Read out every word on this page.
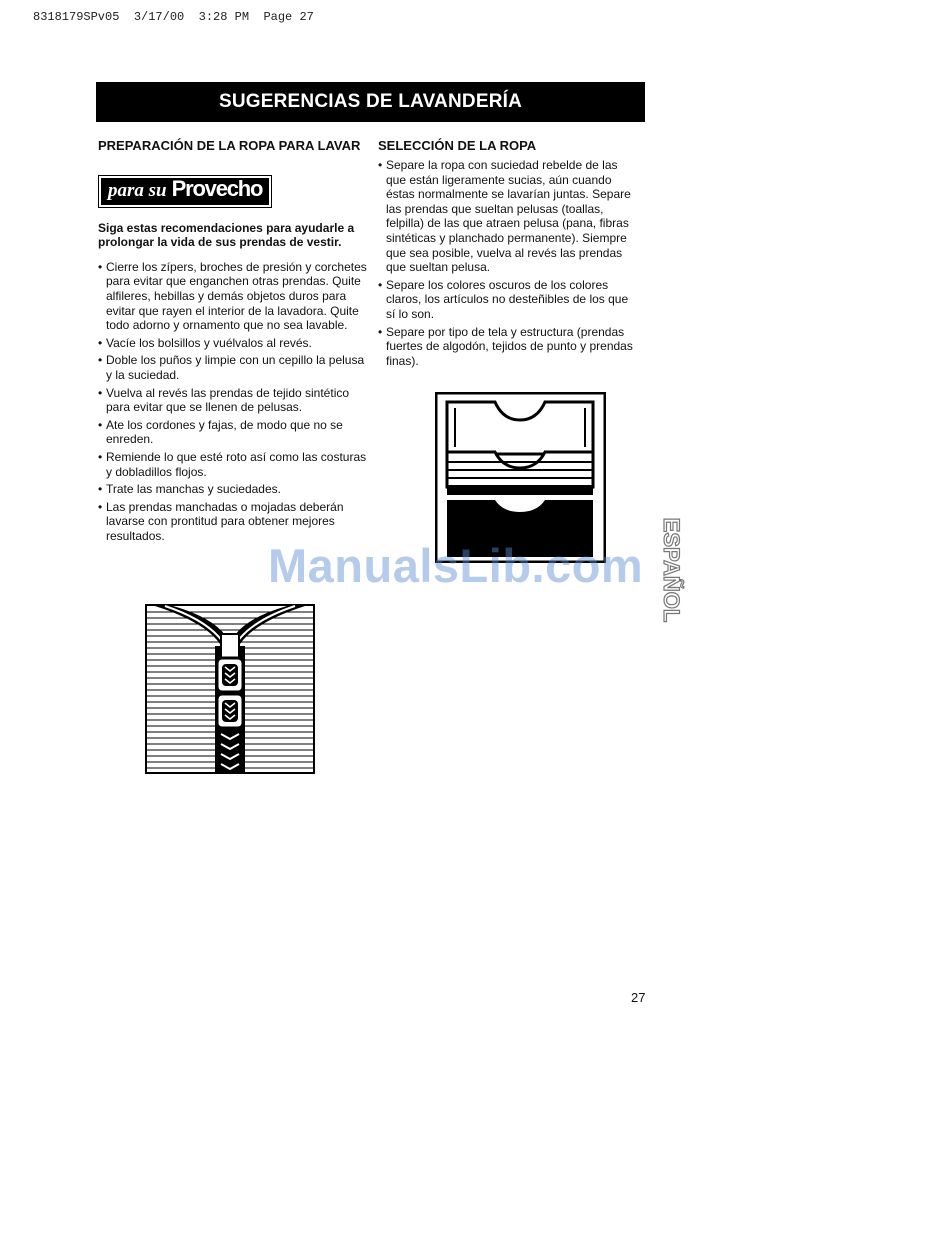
8318179SPv05  3/17/00  3:28 PM  Page 27
SUGERENCIAS DE LAVANDERÍA

PREPARACIÓN DE LA ROPA PARA LAVAR

para su Provecho
Siga estas recomendaciones para ayudarle a prolongar la vida de sus prendas de vestir.
• Cierre los zípers, broches de presión y corchetes para evitar que enganchen otras prendas. Quite alfileres, hebillas y demás objetos duros para evitar que rayen el interior de la lavadora. Quite todo adorno y ornamento que no sea lavable.
• Vacíe los bolsillos y vuélvalos al revés.
• Doble los puños y limpie con un cepillo la pelusa y la suciedad.
• Vuelva al revés las prendas de tejido sintético para evitar que se llenen de pelusas.
• Ate los cordones y fajas, de modo que no se enreden.
• Remiende lo que esté roto así como las costuras y dobladillos flojos.
• Trate las manchas y suciedades.
• Las prendas manchadas o mojadas deberán lavarse con prontitud para obtener mejores resultados.

SELECCIÓN DE LA ROPA

• Separe la ropa con suciedad rebelde de las que están ligeramente sucias, aún cuando éstas normalmente se lavarían juntas. Separe las prendas que sueltan pelusas (toallas, felpilla) de las que atraen pelusa (pana, fibras sintéticas y planchado permanente). Siempre que sea posible, vuelva al revés las prendas que sueltan pelusa.
• Separe los colores oscuros de los colores claros, los artículos no desteñibles de los que sí lo son.
• Separe por tipo de tela y estructura (prendas fuertes de algodón, tejidos de punto y prendas finas).
ESPAÑOL
ManualsLib.com
27
